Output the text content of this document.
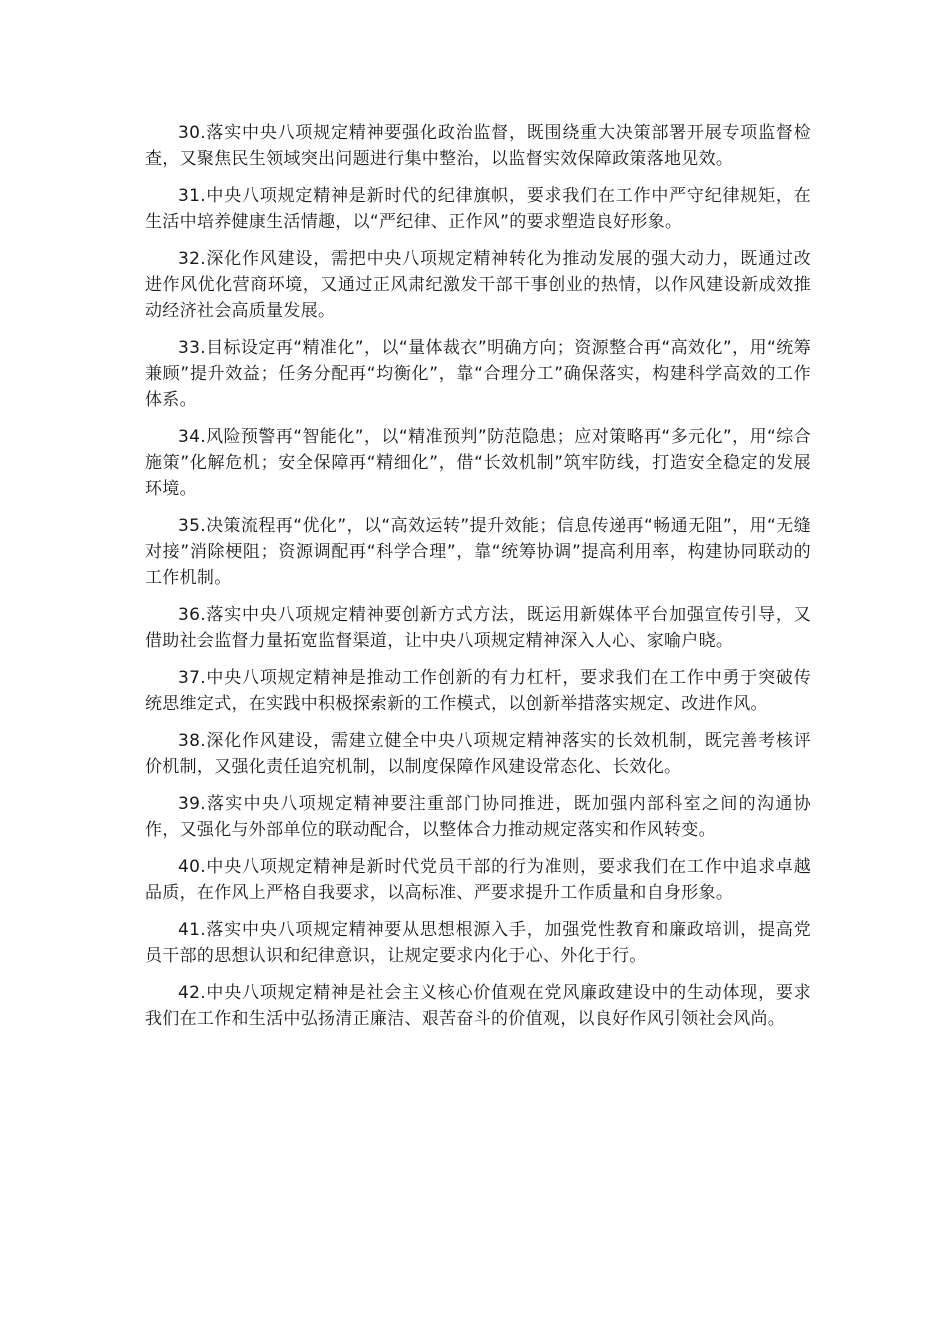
30.落实中央八项规定精神要强化政治监督，既围绕重大决策部署开展专项监督检查，又聚焦民生领域突出问题进行集中整治，以监督实效保障政策落地见效。

31.中央八项规定精神是新时代的纪律旗帜，要求我们在工作中严守纪律规矩，在生活中培养健康生活情趣，以“严纪律、正作风”的要求塑造良好形象。

32.深化作风建设，需把中央八项规定精神转化为推动发展的强大动力，既通过改进作风优化营商环境，又通过正风肃纪激发干部干事创业的热情，以作风建设新成效推动经济社会高质量发展。

33.目标设定再“精准化”，以“量体裁衣”明确方向；资源整合再“高效化”，用“统筹兼顾”提升效益；任务分配再“均衡化”，靠“合理分工”确保落实，构建科学高效的工作体系。

34.风险预警再“智能化”，以“精准预判”防范隐患；应对策略再“多元化”，用“综合施策”化解危机；安全保障再“精细化”，借“长效机制”筑牢防线，打造安全稳定的发展环境。

35.决策流程再“优化”，以“高效运转”提升效能；信息传递再“畅通无阻”，用“无缝对接”消除梗阻；资源调配再“科学合理”，靠“统筹协调”提高利用率，构建协同联动的工作机制。

36.落实中央八项规定精神要创新方式方法，既运用新媒体平台加强宣传引导，又借助社会监督力量拓宽监督渠道，让中央八项规定精神深入人心、家喻户晓。

37.中央八项规定精神是推动工作创新的有力杠杆，要求我们在工作中勇于突破传统思维定式，在实践中积极探索新的工作模式，以创新举措落实规定、改进作风。

38.深化作风建设，需建立健全中央八项规定精神落实的长效机制，既完善考核评价机制，又强化责任追究机制，以制度保障作风建设常态化、长效化。

39.落实中央八项规定精神要注重部门协同推进，既加强内部科室之间的沟通协作，又强化与外部单位的联动配合，以整体合力推动规定落实和作风转变。

40.中央八项规定精神是新时代党员干部的行为准则，要求我们在工作中追求卓越品质，在作风上严格自我要求，以高标准、严要求提升工作质量和自身形象。

41.落实中央八项规定精神要从思想根源入手，加强党性教育和廉政培训，提高党员干部的思想认识和纪律意识，让规定要求内化于心、外化于行。

42.中央八项规定精神是社会主义核心价值观在党风廉政建设中的生动体现，要求我们在工作和生活中弘扬清正廉洁、艰苦奋斗的价值观，以良好作风引领社会风尚。
